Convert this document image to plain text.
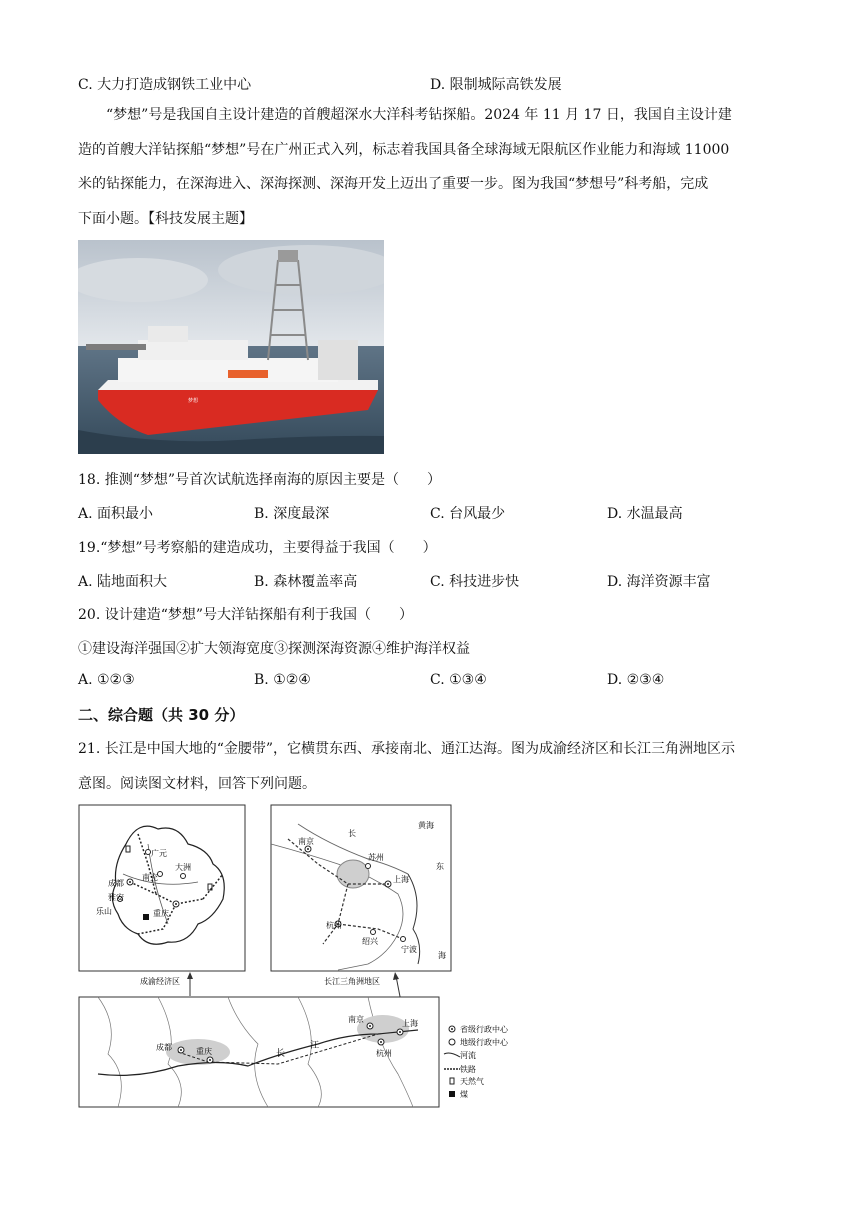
C. 大力打造成钢铁工业中心	D. 限制城际高铁发展
“梦想”号是我国自主设计建造的首艘超深水大洋科考钻探船。2024 年 11 月 17 日，我国自主设计建
造的首艘大洋钻探船“梦想”号在广州正式入列，标志着我国具备全球海域无限航区作业能力和海域 11000
米的钻探能力，在深海进入、深海探测、深海开发上迈出了重要一步。图为我国“梦想号”科考船，完成
下面小题。【科技发展主题】
梦想
18. 推测“梦想”号首次试航选择南海的原因主要是（　　）
A. 面积最小	B. 深度最深	C. 台风最少	D. 水温最高
19.“梦想”号考察船的建造成功，主要得益于我国（　　）
A. 陆地面积大	B. 森林覆盖率高	C. 科技进步快	D. 海洋资源丰富
20. 设计建造“梦想”号大洋钻探船有利于我国（　　）
①建设海洋强国②扩大领海宽度③探测深海资源④维护海洋权益
A. ①②③	B. ①②④	C. ①③④	D. ②③④
二、综合题（共 30 分）
21. 长江是中国大地的“金腰带”，它横贯东西、承接南北、通江达海。图为成渝经济区和长江三角洲地区示
意图。阅读图文材料，回答下列问题。
广元
南充
大洲
成都
雅安
乐山	重庆
成渝经济区
黄海
南京
长
苏州
东
上海
杭州
绍兴
宁波
海
长江三角洲地区
成都	重庆	长
江
南京	上海
杭州
省级行政中心
地级行政中心
河流
铁路
天然气
煤
